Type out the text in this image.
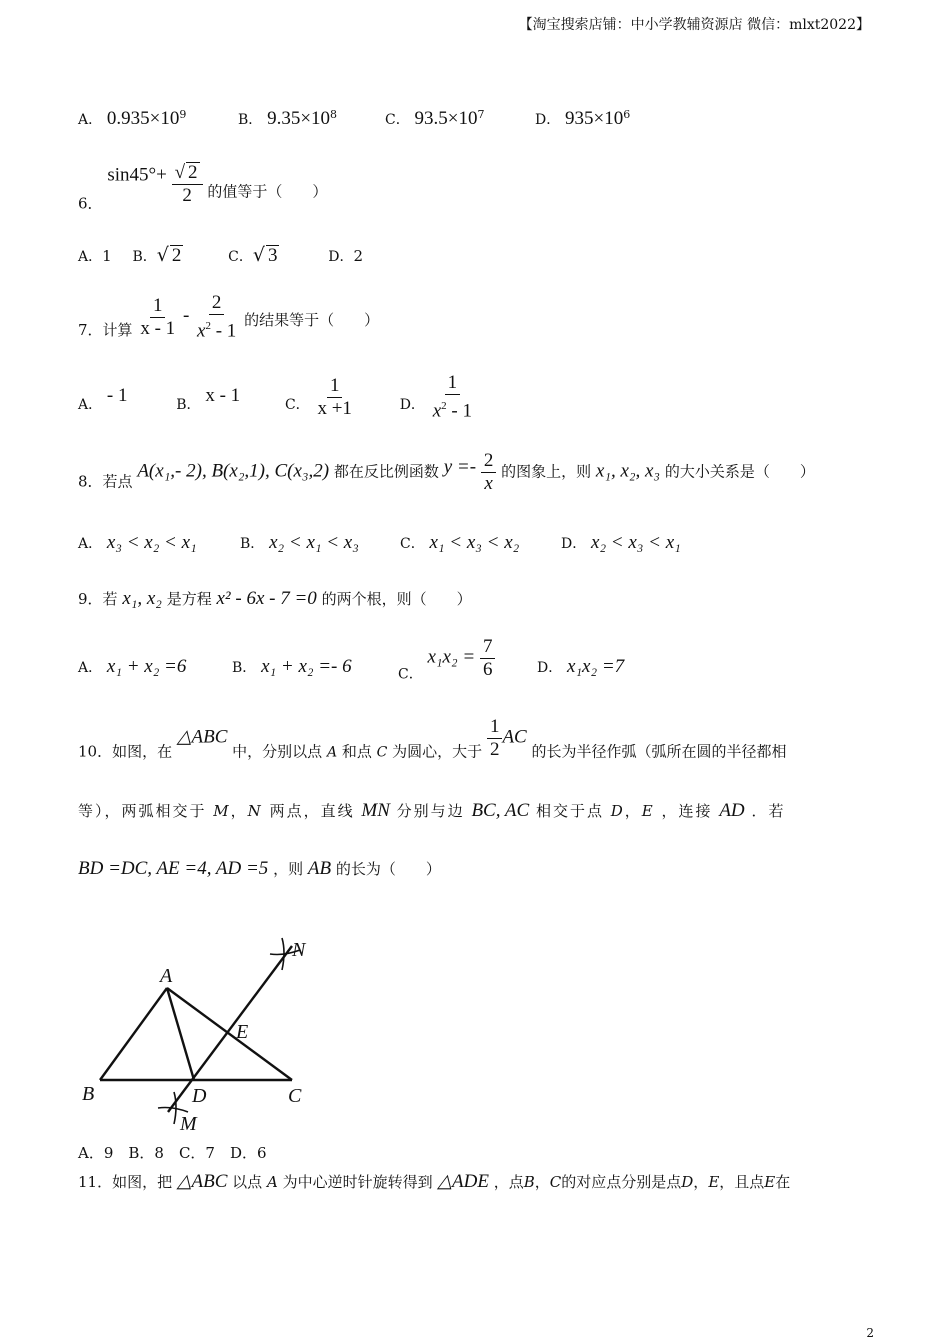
【淘宝搜索店铺：中小学教辅资源店 微信：mlxt2022】
A． $0.935\times 10^9$	B． $9.35\times 10^8$	C． $93.5\times 10^7$	D． $935\times 10^6$
6． $\sin 45^\circ+ \frac{√ 2}{2}$ 的值等于（　　）
A．1 B．√ 2	C．√ 3	D．2
7．计算 $\frac{1}{x - 1} - \frac{2}{x^2 - 1}$ 的结果等于（　　）
A． - 1	B． x - 1	C． $\frac{1}{x +1}$	D． $\frac{1}{x^2 - 1}$
8．若点 A(x₁,- 2), B(x₂,1), C(x₃,2) 都在反比例函数 $y =- \frac{2}{x}$ 的图象上，则 x₁, x₂, x₃ 的大小关系是（　　）
A． x₃ < x₂ < x₁	B． x₂ < x₁ < x₃	C． x₁ < x₃ < x₂	D． x₂ < x₃ < x₁
9．若 x₁, x₂ 是方程 x² - 6x - 7 =0 的两个根，则（　　）
A． x₁ + x₂ =6	B． x₁ + x₂ =- 6	C． $x_1x_2 = \frac{7}{6}$	D． x₁x₂ =7
10．如图，在 △ABC 中，分别以点 A 和点 C 为圆心，大于 $\frac{1}{2}$ AC 的长为半径作弧（弧所在圆的半径都相
等），两弧相交于 M，N 两点，直线 MN 分别与边 BC, AC 相交于点 D，E ，连接 AD ．若
BD =DC, AE =4, AD =5 ，则 AB 的长为（　　）
A
B	C
D
E
M
N
A．9　B．8　C．7　D．6
11．如图，把 △ABC 以点 A 为中心逆时针旋转得到 △ADE ，点B，C的对应点分别是点D，E，且点E在
2
